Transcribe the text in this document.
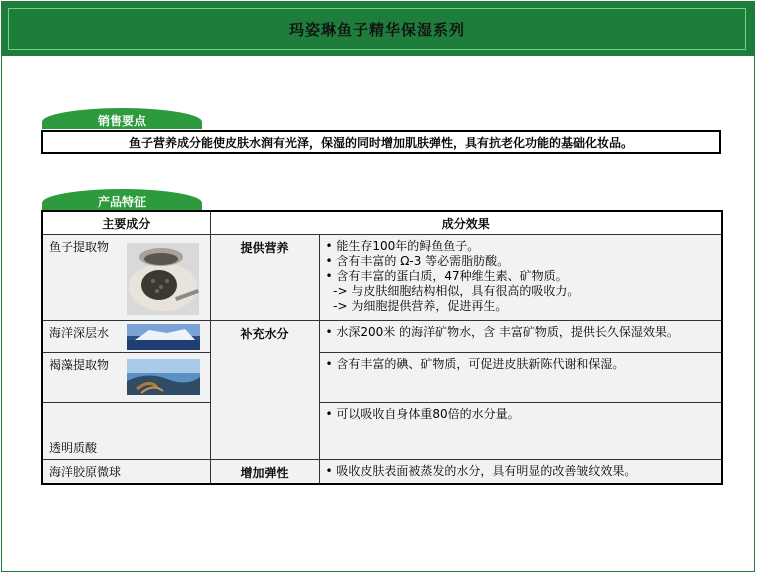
玛姿琳鱼子精华保湿系列
销售要点
鱼子营养成分能使皮肤水润有光泽，保湿的同时增加肌肤弹性，具有抗老化功能的基础化妆品。
产品特征
主要成分	成分效果	

鱼子提取物	提供营养	• 能生存100年的鲟鱼鱼子。
• 含有丰富的 Ω-3 等必需脂肪酸。
• 含有丰富的蛋白质，47种维生素、矿物质。
-> 与皮肤细胞结构相似，具有很高的吸收力。
-> 为细胞提供营养，促进再生。

海洋深层水	补充水分	• 水深200米 的海洋矿物水，含 丰富矿物质，提供长久保湿效果。

褐藻提取物		• 含有丰富的碘、矿物质，可促进皮肤新陈代谢和保湿。

透明质酸		• 可以吸收自身体重80倍的水分量。

海洋胶原微球	增加弹性	• 吸收皮肤表面被蒸发的水分，具有明显的改善皱纹效果。
